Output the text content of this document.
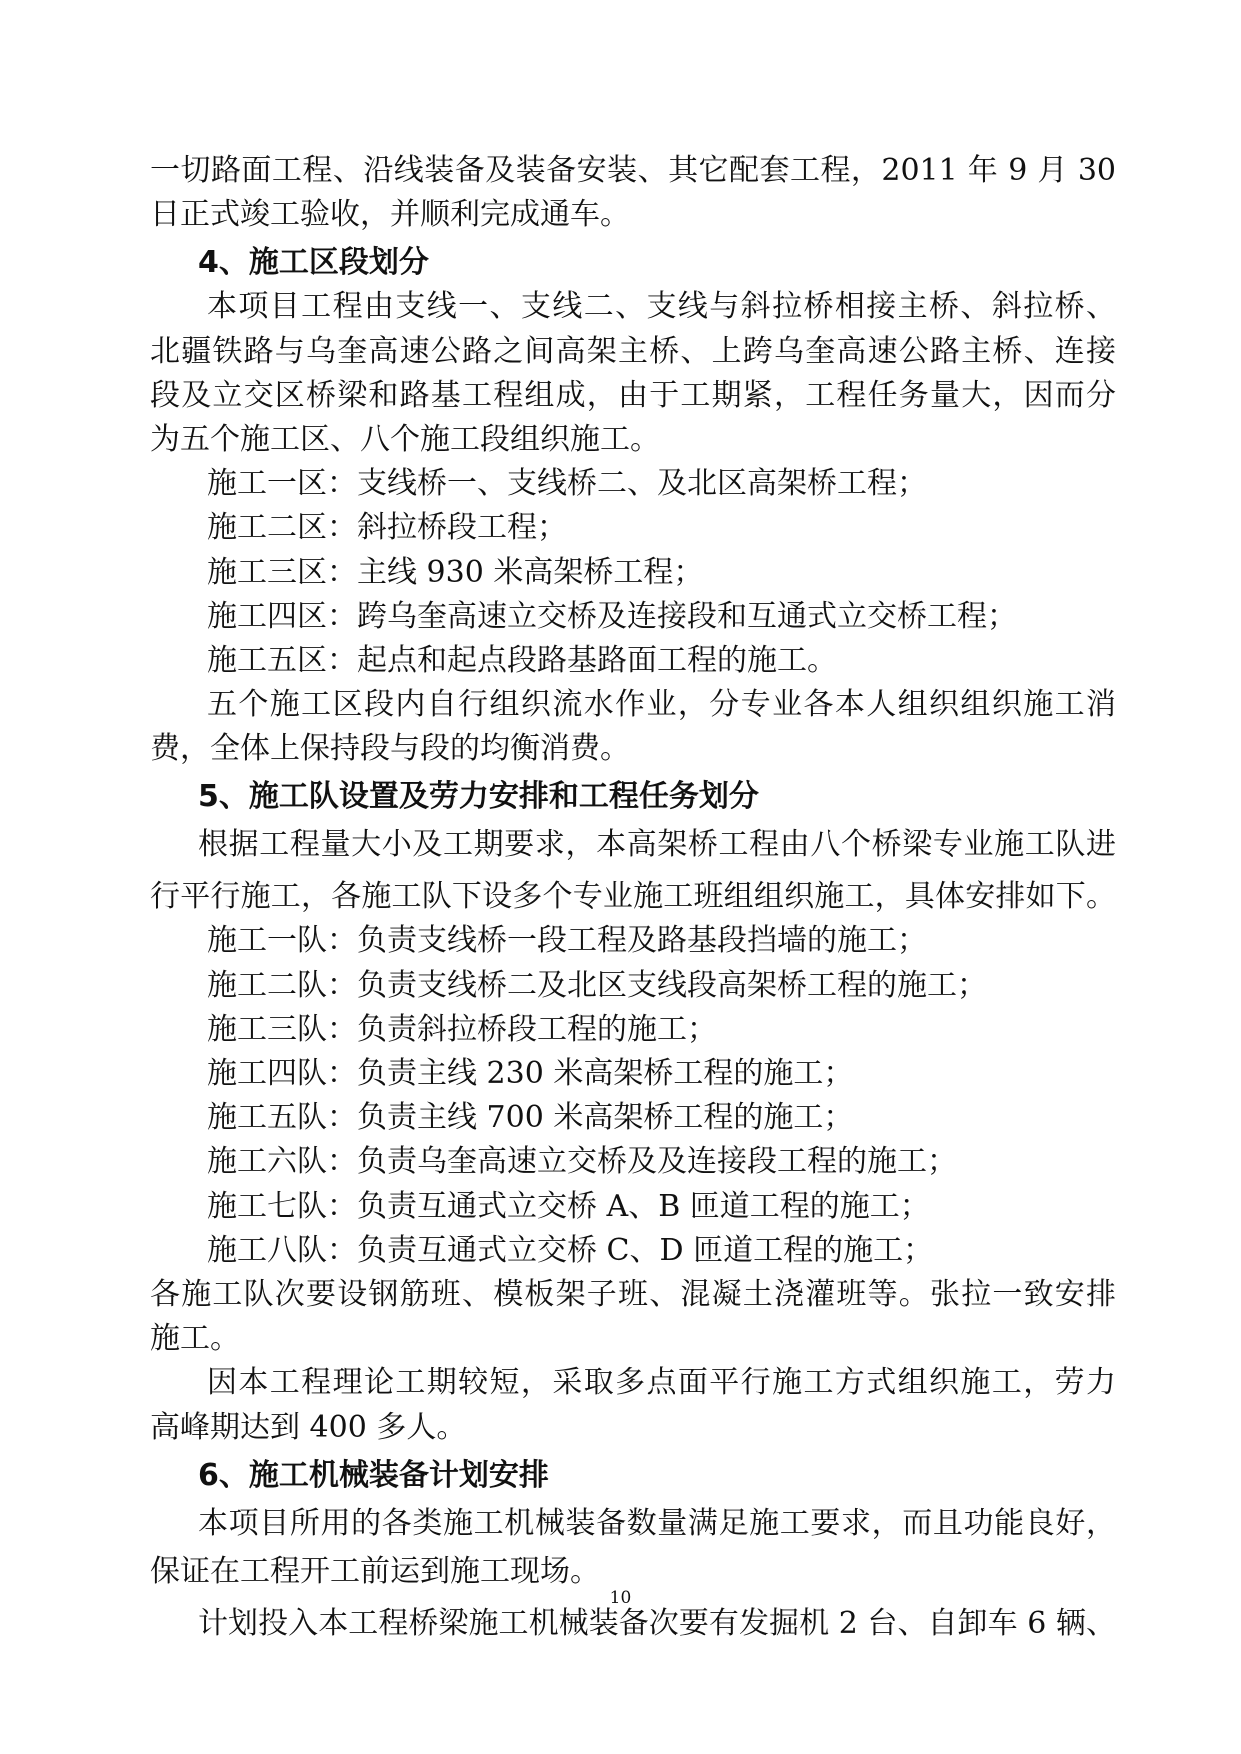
一切路面工程、沿线装备及装备安装、其它配套工程，2011 年 9 月 30
日正式竣工验收，并顺利完成通车。
4、施工区段划分
本项目工程由支线一、支线二、支线与斜拉桥相接主桥、斜拉桥、
北疆铁路与乌奎高速公路之间高架主桥、上跨乌奎高速公路主桥、连接
段及立交区桥梁和路基工程组成，由于工期紧，工程任务量大，因而分
为五个施工区、八个施工段组织施工。
施工一区：支线桥一、支线桥二、及北区高架桥工程；
施工二区：斜拉桥段工程；
施工三区：主线 930 米高架桥工程；
施工四区：跨乌奎高速立交桥及连接段和互通式立交桥工程；
施工五区：起点和起点段路基路面工程的施工。
五个施工区段内自行组织流水作业，分专业各本人组织组织施工消
费，全体上保持段与段的均衡消费。
5、施工队设置及劳力安排和工程任务划分
根据工程量大小及工期要求，本高架桥工程由八个桥梁专业施工队进
行平行施工，各施工队下设多个专业施工班组组织施工，具体安排如下。
施工一队：负责支线桥一段工程及路基段挡墙的施工；
施工二队：负责支线桥二及北区支线段高架桥工程的施工；
施工三队：负责斜拉桥段工程的施工；
施工四队：负责主线 230 米高架桥工程的施工；
施工五队：负责主线 700 米高架桥工程的施工；
施工六队：负责乌奎高速立交桥及及连接段工程的施工；
施工七队：负责互通式立交桥 A、B 匝道工程的施工；
施工八队：负责互通式立交桥 C、D 匝道工程的施工；
各施工队次要设钢筋班、模板架子班、混凝土浇灌班等。张拉一致安排
施工。
因本工程理论工期较短，采取多点面平行施工方式组织施工，劳力
高峰期达到 400 多人。
6、施工机械装备计划安排
本项目所用的各类施工机械装备数量满足施工要求，而且功能良好，
保证在工程开工前运到施工现场。
计划投入本工程桥梁施工机械装备次要有发掘机 2 台、自卸车 6 辆、
10
